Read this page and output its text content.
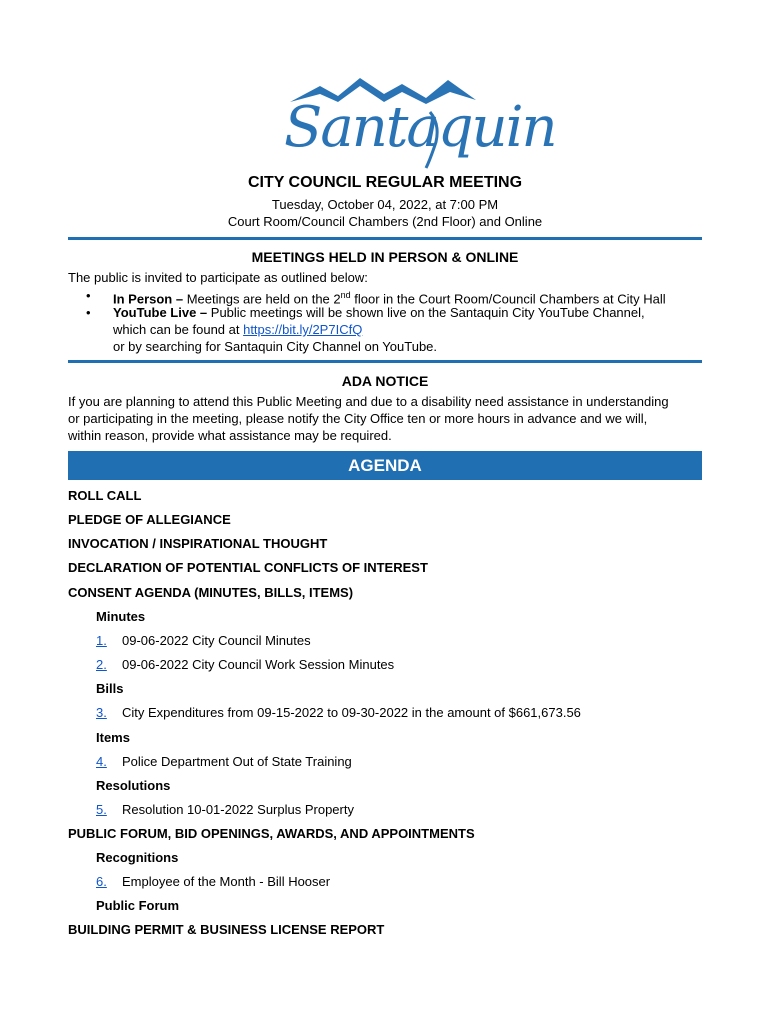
Santaquin
CITY COUNCIL REGULAR MEETING
Tuesday, October 04, 2022, at 7:00 PM
Court Room/Council Chambers (2nd Floor) and Online
MEETINGS HELD IN PERSON & ONLINE
The public is invited to participate as outlined below:
• In Person – Meetings are held on the 2nd floor in the Court Room/Council Chambers at City Hall
• YouTube Live – Public meetings will be shown live on the Santaquin City YouTube Channel,
which can be found at https://bit.ly/2P7ICfQ
or by searching for Santaquin City Channel on YouTube.
ADA NOTICE
If you are planning to attend this Public Meeting and due to a disability need assistance in understanding
or participating in the meeting, please notify the City Office ten or more hours in advance and we will,
within reason, provide what assistance may be required.
AGENDA
ROLL CALL
PLEDGE OF ALLEGIANCE
INVOCATION / INSPIRATIONAL THOUGHT
DECLARATION OF POTENTIAL CONFLICTS OF INTEREST
CONSENT AGENDA (MINUTES, BILLS, ITEMS)
Minutes
1. 09-06-2022 City Council Minutes
2. 09-06-2022 City Council Work Session Minutes
Bills
3. City Expenditures from 09-15-2022 to 09-30-2022 in the amount of $661,673.56
Items
4. Police Department Out of State Training
Resolutions
5. Resolution 10-01-2022 Surplus Property
PUBLIC FORUM, BID OPENINGS, AWARDS, AND APPOINTMENTS
Recognitions
6. Employee of the Month - Bill Hooser
Public Forum
BUILDING PERMIT & BUSINESS LICENSE REPORT
